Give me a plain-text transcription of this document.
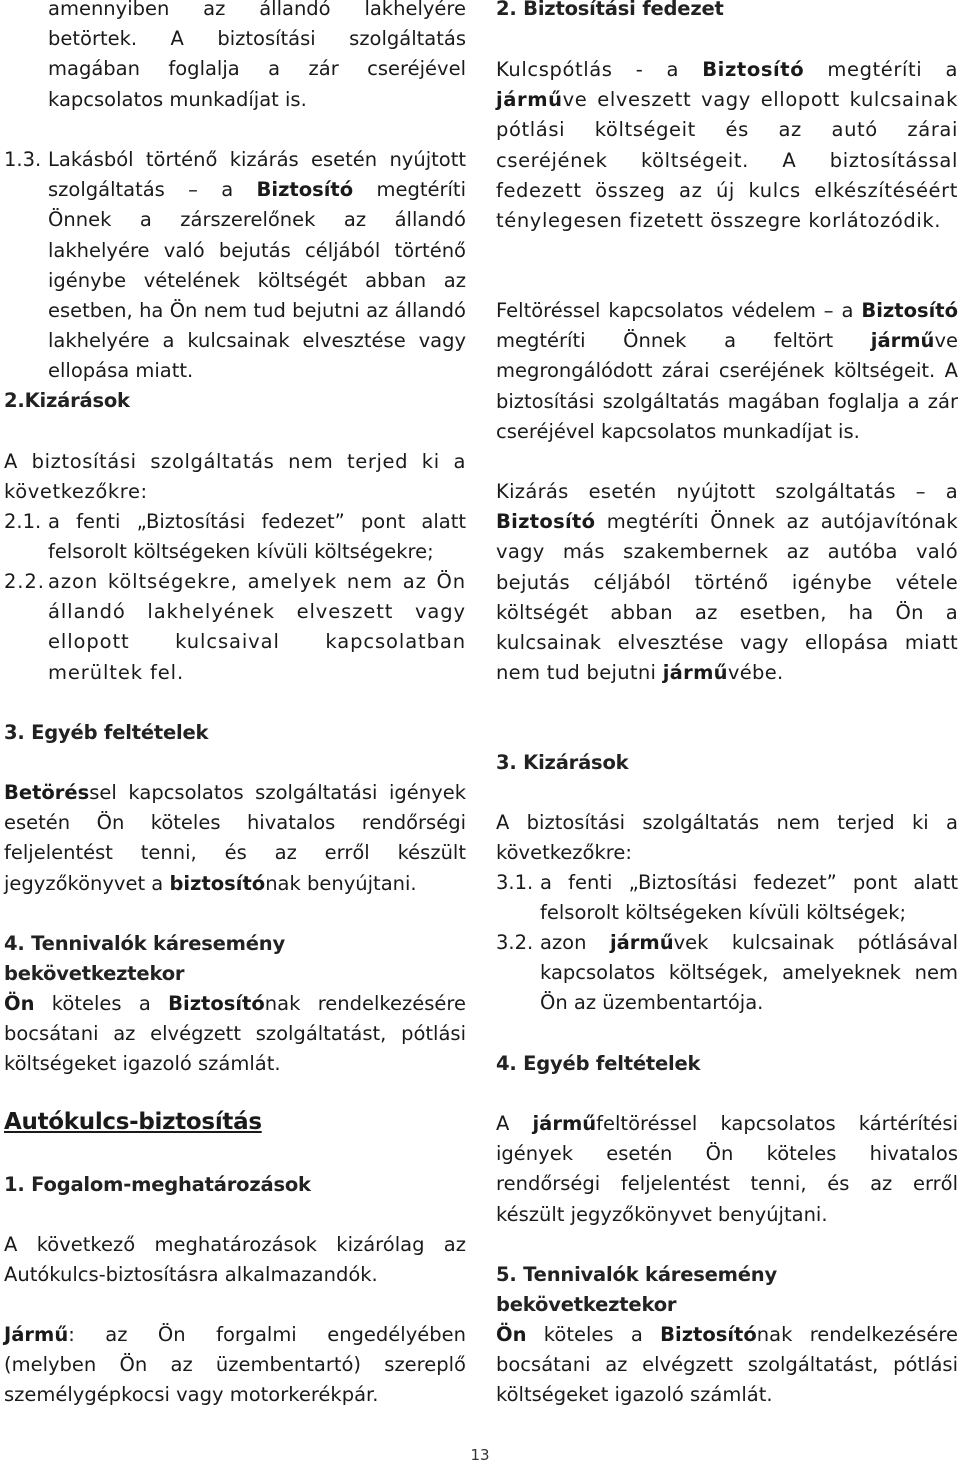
amennyiben az állandó lakhelyére betörtek. A biztosítási szolgáltatás magában foglalja a zár cseréjével kapcsolatos munkadíjat is.

1.3. Lakásból történő kizárás esetén nyújtott szolgáltatás – a Biztosító megtéríti Önnek a zárszerelőnek az állandó lakhelyére való bejutás céljából történő igénybe vételének költségét abban az esetben, ha Ön nem tud bejutni az állandó lakhelyére a kulcsainak elvesztése vagy ellopása miatt.
2.Kizárások

A biztosítási szolgáltatás nem terjed ki a következőkre:

2.1. a fenti „Biztosítási fedezet” pont alatt felsorolt költségeken kívüli költségekre;
2.2. azon költségekre, amelyek nem az Ön állandó lakhelyének elveszett vagy ellopott kulcsaival kapcsolatban merültek fel.
3. Egyéb feltételek

Betöréssel kapcsolatos szolgáltatási igények esetén Ön köteles hivatalos rendőrségi feljelentést tenni, és az erről készült jegyzőkönyvet a biztosítónak benyújtani.

4. Tennivalók káresemény bekövetkeztekor

Ön köteles a Biztosítónak rendelkezésére bocsátani az elvégzett szolgáltatást, pótlási költségeket igazoló számlát.

Autókulcs-biztosítás
1. Fogalom-meghatározások

A következő meghatározások kizárólag az Autókulcs-biztosításra alkalmazandók.

Jármű: az Ön forgalmi engedélyében (melyben Ön az üzembentartó) szereplő személygépkocsi vagy motorkerékpár.

2. Biztosítási fedezet

Kulcspótlás - a Biztosító megtéríti a járműve elveszett vagy ellopott kulcsainak pótlási költségeit és az autó zárai cseréjének költségeit. A biztosítással fedezett összeg az új kulcs elkészítéséért ténylegesen fizetett összegre korlátozódik.

Feltöréssel kapcsolatos védelem – a Biztosító megtéríti Önnek a feltört járműve megrongálódott zárai cseréjének költségeit. A biztosítási szolgáltatás magában foglalja a zár cseréjével kapcsolatos munkadíjat is.

Kizárás esetén nyújtott szolgáltatás – a Biztosító megtéríti Önnek az autójavítónak vagy más szakembernek az autóba való bejutás céljából történő igénybe vétele költségét abban az esetben, ha Ön a kulcsainak elvesztése vagy ellopása miatt nem tud bejutni járművébe.

3. Kizárások

A biztosítási szolgáltatás nem terjed ki a következőkre:

3.1. a fenti „Biztosítási fedezet” pont alatt felsorolt költségeken kívüli költségek;
3.2. azon járművek kulcsainak pótlásával kapcsolatos költségek, amelyeknek nem Ön az üzembentartója.
4. Egyéb feltételek

A járműfeltöréssel kapcsolatos kártérítési igények esetén Ön köteles hivatalos rendőrségi feljelentést tenni, és az erről készült jegyzőkönyvet benyújtani.

5. Tennivalók káresemény bekövetkeztekor

Ön köteles a Biztosítónak rendelkezésére bocsátani az elvégzett szolgáltatást, pótlási költségeket igazoló számlát.

13
